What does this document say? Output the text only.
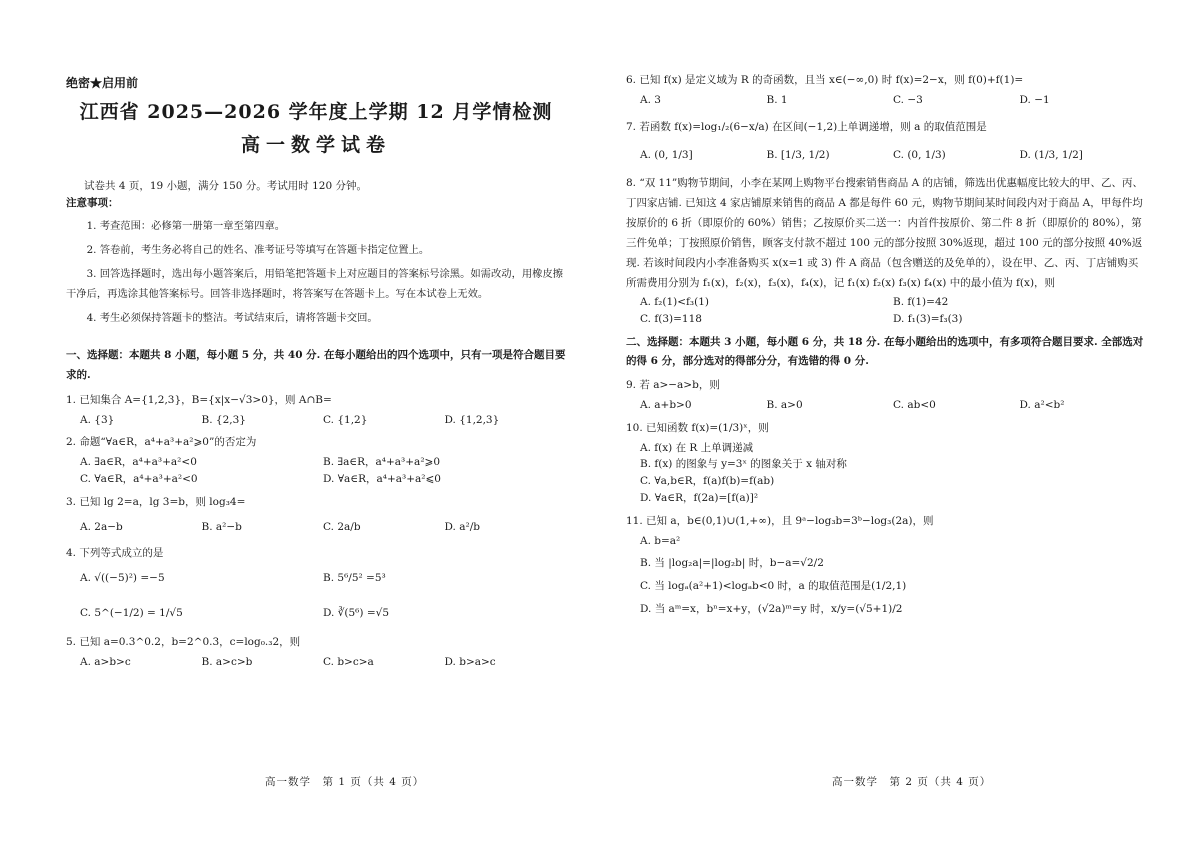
绝密★启用前
江西省 2025—2026 学年度上学期 12 月学情检测
高一数学试卷
试卷共 4 页，19 小题，满分 150 分。考试用时 120 分钟。
注意事项：
1. 考查范围：必修第一册第一章至第四章。
2. 答卷前，考生务必将自己的姓名、准考证号等填写在答题卡指定位置上。
3. 回答选择题时，选出每小题答案后，用铅笔把答题卡上对应题目的答案标号涂黑。如需改动，用橡皮擦干净后，再选涂其他答案标号。回答非选择题时，将答案写在答题卡上。写在本试卷上无效。
4. 考生必须保持答题卡的整洁。考试结束后，请将答题卡交回。
一、选择题：本题共 8 小题，每小题 5 分，共 40 分. 在每小题给出的四个选项中，只有一项是符合题目要求的.
1. 已知集合 A={1,2,3}，B={x|x−√3>0}，则 A∩B=
A. {3}	B. {2,3}	C. {1,2}	D. {1,2,3}
2. 命题“∀a∈R，a⁴+a³+a²⩾0”的否定为
A. ∃a∈R，a⁴+a³+a²<0	B. ∃a∈R，a⁴+a³+a²⩾0
C. ∀a∈R，a⁴+a³+a²<0	D. ∀a∈R，a⁴+a³+a²⩽0
3. 已知 lg 2=a，lg 3=b，则 log₃4=
A. 2a−b	B. a²−b	C. 2a/b	D. a²/b
4. 下列等式成立的是
A. √((−5)²) =−5	B. 5⁶/5² =5³
C. 5^(−1/2) = 1/√5	D. ∛(5⁶) =√5
5. 已知 a=0.3^0.2，b=2^0.3，c=log₀.₃2，则
A. a>b>c	B. a>c>b	C. b>c>a	D. b>a>c
6. 已知 f(x) 是定义域为 R 的奇函数，且当 x∈(−∞,0) 时 f(x)=2−x，则 f(0)+f(1)=
A. 3	B. 1	C. −3	D. −1
7. 若函数 f(x)=log₁/₂(6−x/a) 在区间(−1,2)上单调递增，则 a 的取值范围是
A. (0, 1/3]	B. [1/3, 1/2)	C. (0, 1/3)	D. (1/3, 1/2]
8. “双 11”购物节期间，小李在某网上购物平台搜索销售商品 A 的店铺，筛选出优惠幅度比较大的甲、乙、丙、丁四家店铺. 已知这 4 家店铺原来销售的商品 A 都是每件 60 元，购物节期间某时间段内对于商品 A，甲每件均按原价的 6 折（即原价的 60%）销售；乙按原价买二送一：内首件按原价、第二件 8 折（即原价的 80%），第三件免单；丁按照原价销售，顾客支付款不超过 100 元的部分按照 30%返现，超过 100 元的部分按照 40%返现. 若该时间段内小李准备购买 x(x=1 或 3) 件 A 商品（包含赠送的及免单的），设在甲、乙、丙、丁店铺购买所需费用分别为 f₁(x)，f₂(x)，f₃(x)，f₄(x)，记 f₁(x) f₂(x) f₃(x) f₄(x) 中的最小值为 f(x)，则
A. f₂(1)<f₃(1)	B. f(1)=42
C. f(3)=118	D. f₁(3)=f₃(3)
二、选择题：本题共 3 小题，每小题 6 分，共 18 分. 在每小题给出的选项中，有多项符合题目要求. 全部选对的得 6 分，部分选对的得部分分，有选错的得 0 分.
9. 若 a>−a>b，则
A. a+b>0	B. a>0	C. ab<0	D. a²<b²
10. 已知函数 f(x)=(1/3)ˣ，则
A. f(x) 在 R 上单调递减
B. f(x) 的图象与 y=3ˣ 的图象关于 x 轴对称
C. ∀a,b∈R，f(a)f(b)=f(ab)
D. ∀a∈R，f(2a)=[f(a)]²
11. 已知 a，b∈(0,1)∪(1,+∞)，且 9ᵃ−log₃b=3ᵇ−log₃(2a)，则
A. b=a²
B. 当 |log₂a|=|log₂b| 时，b−a=√2/2
C. 当 logₐ(a²+1)<logₐb<0 时，a 的取值范围是(1/2,1)
D. 当 aᵐ=x，bⁿ=x+y，(√2a)ᵐ=y 时，x/y=(√5+1)/2
高一数学　第 1 页（共 4 页）	高一数学　第 2 页（共 4 页）
